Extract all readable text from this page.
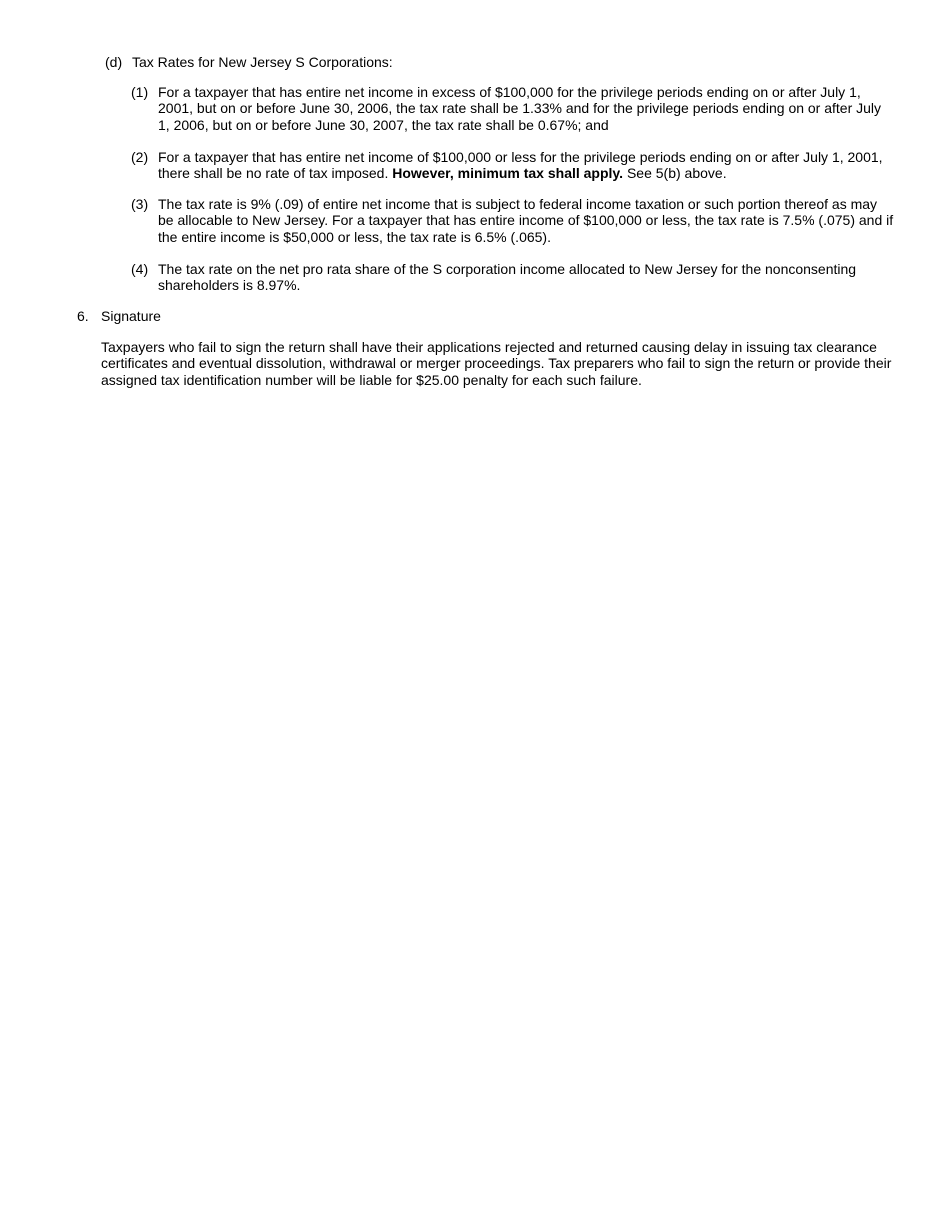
(d) Tax Rates for New Jersey S Corporations:
(1) For a taxpayer that has entire net income in excess of $100,000 for the privilege periods ending on or after July 1, 2001, but on or before June 30, 2006, the tax rate shall be 1.33% and for the privilege periods ending on or after July 1, 2006, but on or before June 30, 2007, the tax rate shall be 0.67%; and

(2) For a taxpayer that has entire net income of $100,000 or less for the privilege periods ending on or after July 1, 2001, there shall be no rate of tax imposed. However, minimum tax shall apply. See 5(b) above.

(3) The tax rate is 9% (.09) of entire net income that is subject to federal income taxation or such portion thereof as may be allocable to New Jersey. For a taxpayer that has entire income of $100,000 or less, the tax rate is 7.5% (.075) and if the entire income is $50,000 or less, the tax rate is 6.5% (.065).

(4) The tax rate on the net pro rata share of the S corporation income allocated to New Jersey for the nonconsenting shareholders is 8.97%.

6. Signature

Taxpayers who fail to sign the return shall have their applications rejected and returned causing delay in issuing tax clearance certificates and eventual dissolution, withdrawal or merger proceedings. Tax preparers who fail to sign the return or provide their assigned tax identification number will be liable for $25.00 penalty for each such failure.
